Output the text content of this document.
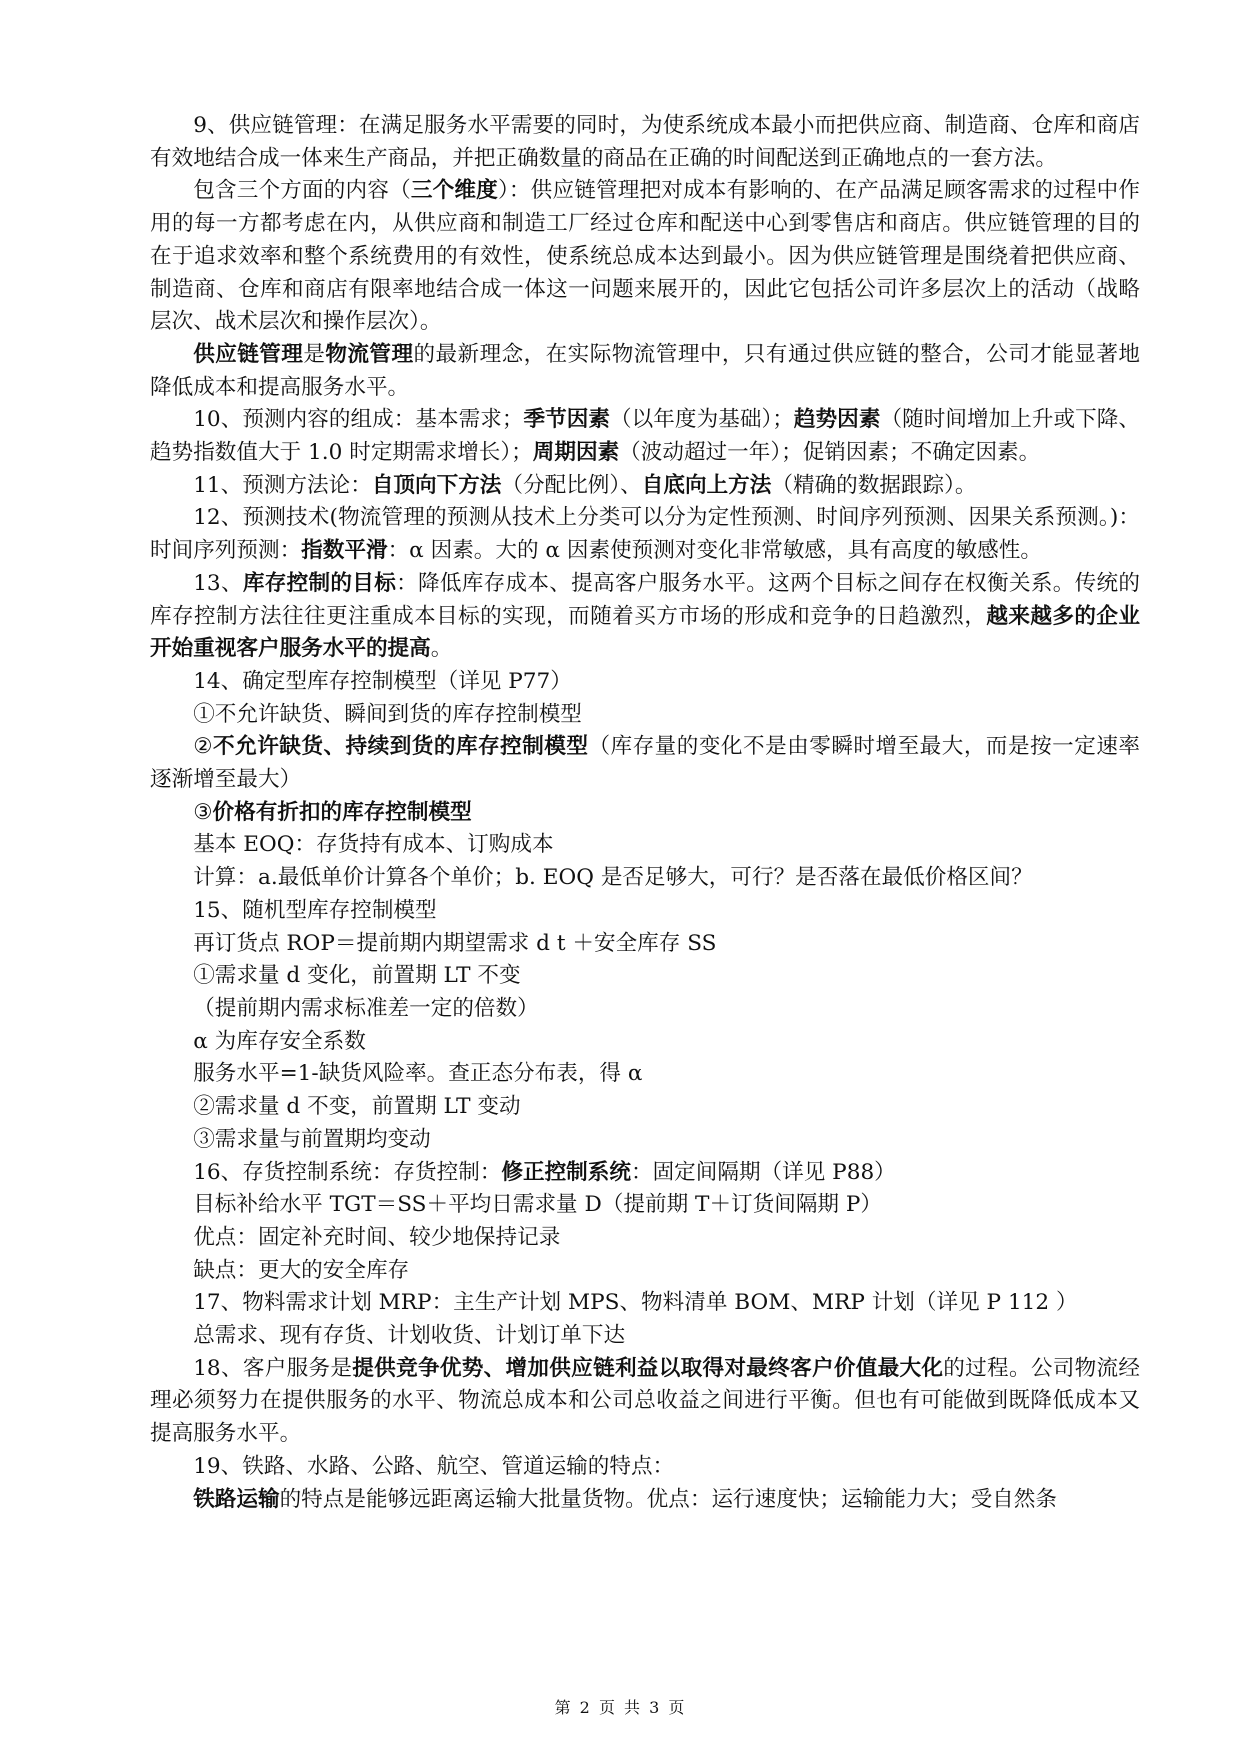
9、供应链管理：在满足服务水平需要的同时，为使系统成本最小而把供应商、制造商、仓库和商店有效地结合成一体来生产商品，并把正确数量的商品在正确的时间配送到正确地点的一套方法。

包含三个方面的内容（三个维度）：供应链管理把对成本有影响的、在产品满足顾客需求的过程中作用的每一方都考虑在内，从供应商和制造工厂经过仓库和配送中心到零售店和商店。供应链管理的目的在于追求效率和整个系统费用的有效性，使系统总成本达到最小。因为供应链管理是围绕着把供应商、制造商、仓库和商店有限率地结合成一体这一问题来展开的，因此它包括公司许多层次上的活动（战略层次、战术层次和操作层次）。

供应链管理是物流管理的最新理念，在实际物流管理中，只有通过供应链的整合，公司才能显著地降低成本和提高服务水平。

10、预测内容的组成：基本需求；季节因素（以年度为基础）；趋势因素（随时间增加上升或下降、趋势指数值大于 1.0 时定期需求增长）；周期因素（波动超过一年）；促销因素；不确定因素。

11、预测方法论：自顶向下方法（分配比例）、自底向上方法（精确的数据跟踪）。

12、预测技术(物流管理的预测从技术上分类可以分为定性预测、时间序列预测、因果关系预测。)：时间序列预测：指数平滑：α 因素。大的 α 因素使预测对变化非常敏感，具有高度的敏感性。

13、库存控制的目标：降低库存成本、提高客户服务水平。这两个目标之间存在权衡关系。传统的库存控制方法往往更注重成本目标的实现，而随着买方市场的形成和竞争的日趋激烈，越来越多的企业开始重视客户服务水平的提高。

14、确定型库存控制模型（详见 P77）

①不允许缺货、瞬间到货的库存控制模型

②不允许缺货、持续到货的库存控制模型（库存量的变化不是由零瞬时增至最大，而是按一定速率逐渐增至最大）

③价格有折扣的库存控制模型

基本 EOQ：存货持有成本、订购成本

计算：a.最低单价计算各个单价；b. EOQ 是否足够大，可行？是否落在最低价格区间？

15、随机型库存控制模型

再订货点 ROP＝提前期内期望需求 d t ＋安全库存 SS

①需求量 d 变化，前置期 LT 不变

（提前期内需求标准差一定的倍数）

α 为库存安全系数

服务水平=1-缺货风险率。查正态分布表，得 α

②需求量 d 不变，前置期 LT 变动

③需求量与前置期均变动

16、存货控制系统：存货控制：修正控制系统：固定间隔期（详见 P88）

目标补给水平 TGT＝SS＋平均日需求量 D（提前期 T＋订货间隔期 P）

优点：固定补充时间、较少地保持记录

缺点：更大的安全库存

17、物料需求计划 MRP：主生产计划 MPS、物料清单 BOM、MRP 计划（详见 P 112 ）

总需求、现有存货、计划收货、计划订单下达

18、客户服务是提供竞争优势、增加供应链利益以取得对最终客户价值最大化的过程。公司物流经理必须努力在提供服务的水平、物流总成本和公司总收益之间进行平衡。但也有可能做到既降低成本又提高服务水平。

19、铁路、水路、公路、航空、管道运输的特点：

铁路运输的特点是能够远距离运输大批量货物。优点：运行速度快；运输能力大；受自然条

第 2 页 共 3 页
